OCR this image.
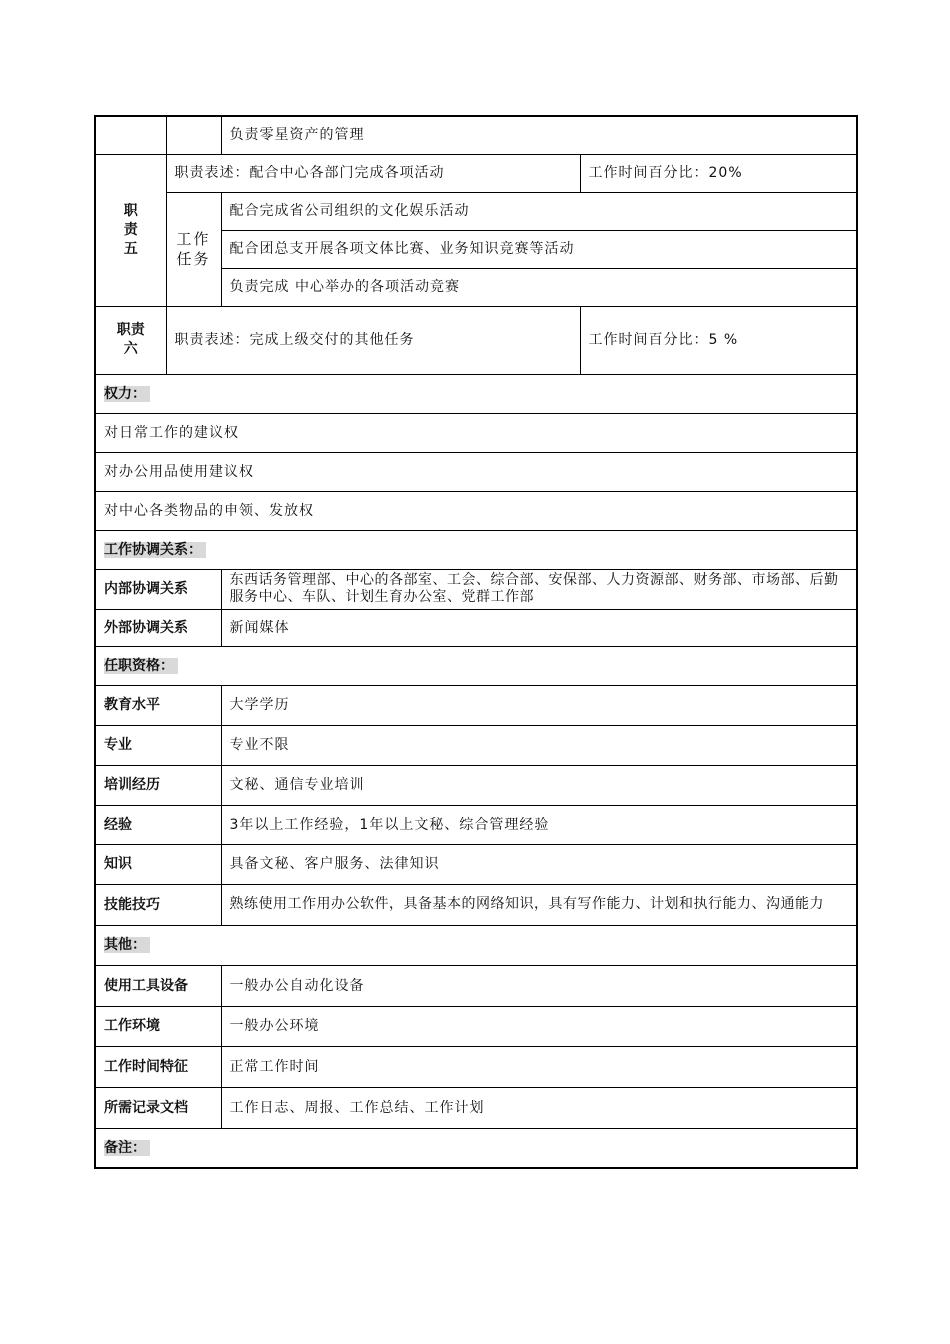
		负责零星资产的管理	
职
责
五	职责表述：配合中心各部门完成各项活动		工作时间百分比：20%
	工作
任务	配合完成省公司组织的文化娱乐活动	
		配合团总支开展各项文体比赛、业务知识竞赛等活动	
		负责完成 中心举办的各项活动竞赛	
职责
六	职责表述：完成上级交付的其他任务		工作时间百分比：5 %
权力：			
对日常工作的建议权			
对办公用品使用建议权			
对中心各类物品的申领、发放权			
工作协调关系：			
内部协调关系		东西话务管理部、中心的各部室、工会、综合部、安保部、人力资源部、财务部、市场部、后勤服务中心、车队、计划生育办公室、党群工作部	
外部协调关系		新闻媒体	
任职资格：			
教育水平		大学学历	
专业		专业不限	
培训经历		文秘、通信专业培训	
经验		3年以上工作经验，1年以上文秘、综合管理经验	
知识		具备文秘、客户服务、法律知识	
技能技巧		熟练使用工作用办公软件，具备基本的网络知识，具有写作能力、计划和执行能力、沟通能力	
其他：			
使用工具设备		一般办公自动化设备	
工作环境		一般办公环境	
工作时间特征		正常工作时间	
所需记录文档		工作日志、周报、工作总结、工作计划	
备注：			
